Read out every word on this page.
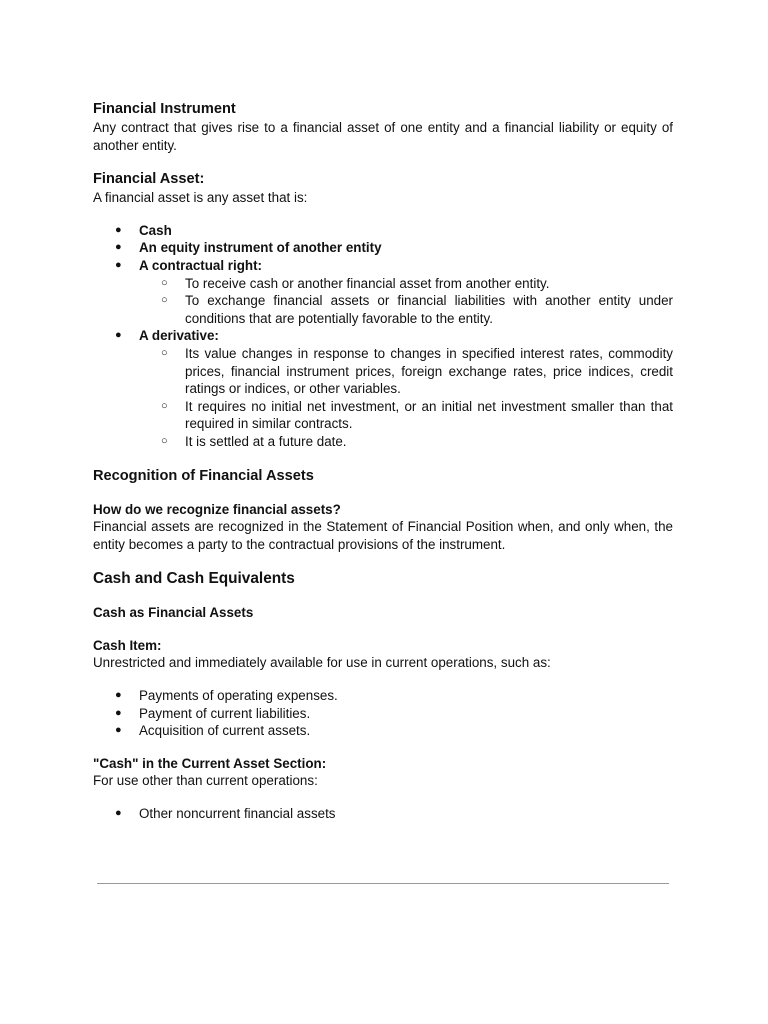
Financial Instrument

Any contract that gives rise to a financial asset of one entity and a financial liability or equity of another entity.

Financial Asset:

A financial asset is any asset that is:

● Cash
● An equity instrument of another entity
● A contractual right:
○ To receive cash or another financial asset from another entity.
○ To exchange financial assets or financial liabilities with another entity under conditions that are potentially favorable to the entity.
● A derivative:
○ Its value changes in response to changes in specified interest rates, commodity prices, financial instrument prices, foreign exchange rates, price indices, credit ratings or indices, or other variables.
○ It requires no initial net investment, or an initial net investment smaller than that required in similar contracts.
○ It is settled at a future date.
Recognition of Financial Assets
How do we recognize financial assets?

Financial assets are recognized in the Statement of Financial Position when, and only when, the entity becomes a party to the contractual provisions of the instrument.

Cash and Cash Equivalents
Cash as Financial Assets
Cash Item:

Unrestricted and immediately available for use in current operations, such as:

● Payments of operating expenses.
● Payment of current liabilities.
● Acquisition of current assets.
"Cash" in the Current Asset Section:

For use other than current operations:

● Other noncurrent financial assets
